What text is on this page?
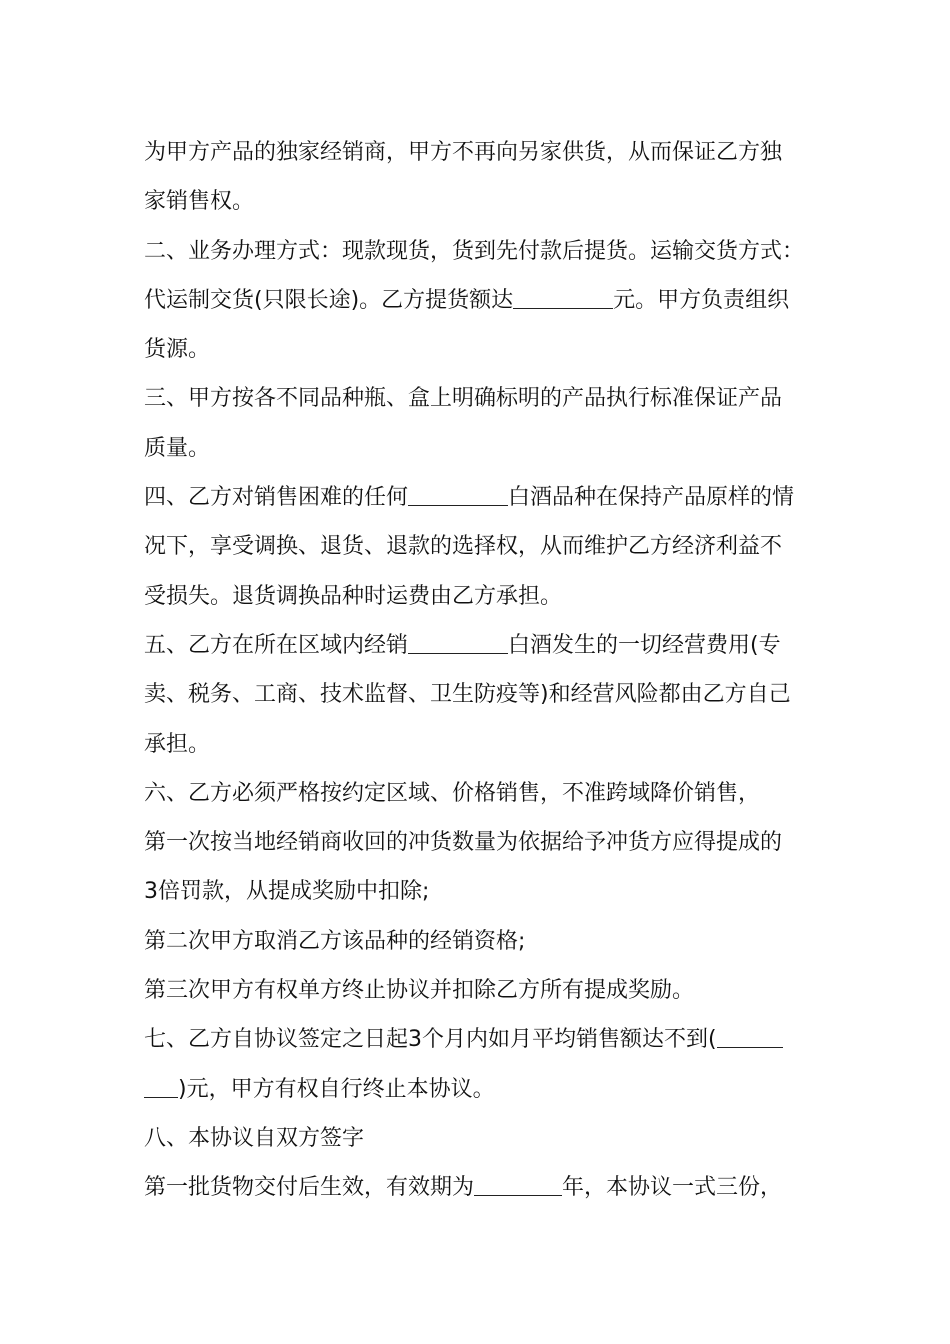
为甲方产品的独家经销商，甲方不再向另家供货，从而保证乙方独
家销售权。
二、业务办理方式：现款现货，货到先付款后提货。运输交货方式：
代运制交货(只限长途)。乙方提货额达	元。甲方负责组织
货源。
三、甲方按各不同品种瓶、盒上明确标明的产品执行标准保证产品
质量。
四、乙方对销售困难的任何	白酒品种在保持产品原样的情
况下，享受调换、退货、退款的选择权，从而维护乙方经济利益不
受损失。退货调换品种时运费由乙方承担。
五、乙方在所在区域内经销	白酒发生的一切经营费用(专
卖、税务、工商、技术监督、卫生防疫等)和经营风险都由乙方自己
承担。
六、乙方必须严格按约定区域、价格销售，不准跨域降价销售，
第一次按当地经销商收回的冲货数量为依据给予冲货方应得提成的
3倍罚款，从提成奖励中扣除;
第二次甲方取消乙方该品种的经销资格;
第三次甲方有权单方终止协议并扣除乙方所有提成奖励。
七、乙方自协议签定之日起3个月内如月平均销售额达不到(
)元，甲方有权自行终止本协议。
八、本协议自双方签字
第一批货物交付后生效，有效期为	年，本协议一式三份，
